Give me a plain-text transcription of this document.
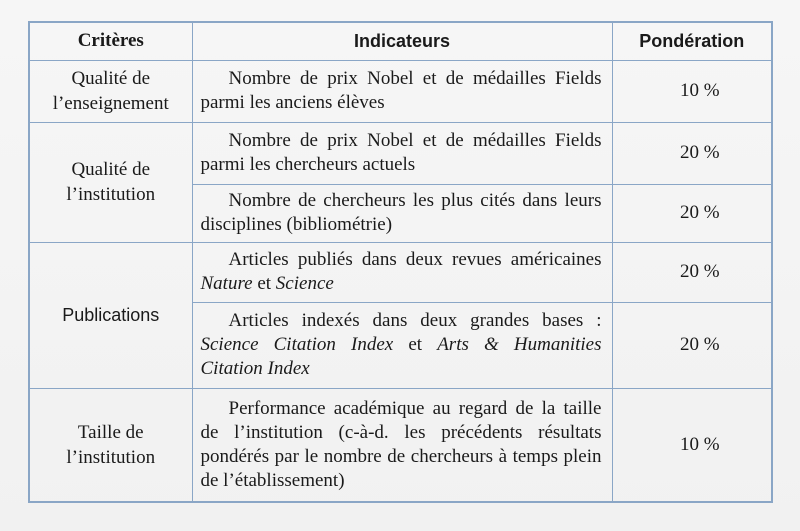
Critères	Indicateurs	Pondération
Qualité de l’enseignement	Nombre de prix Nobel et de médailles Fields parmi les anciens élèves	10 %
Qualité de l’institution	Nombre de prix Nobel et de médailles Fields parmi les chercheurs actuels	20 %

	Nombre de chercheurs les plus cités dans leurs disciplines (bibliométrie)	20 %
Publications	Articles publiés dans deux revues américaines Nature et Science	20 %

	Articles indexés dans deux grandes bases : Science Citation Index et Arts & Humanities Citation Index	20 %
Taille de l’institution	Performance académique au regard de la taille de l’institution (c-à-d. les précédents résultats pondérés par le nombre de chercheurs à temps plein de l’établissement)	10 %
